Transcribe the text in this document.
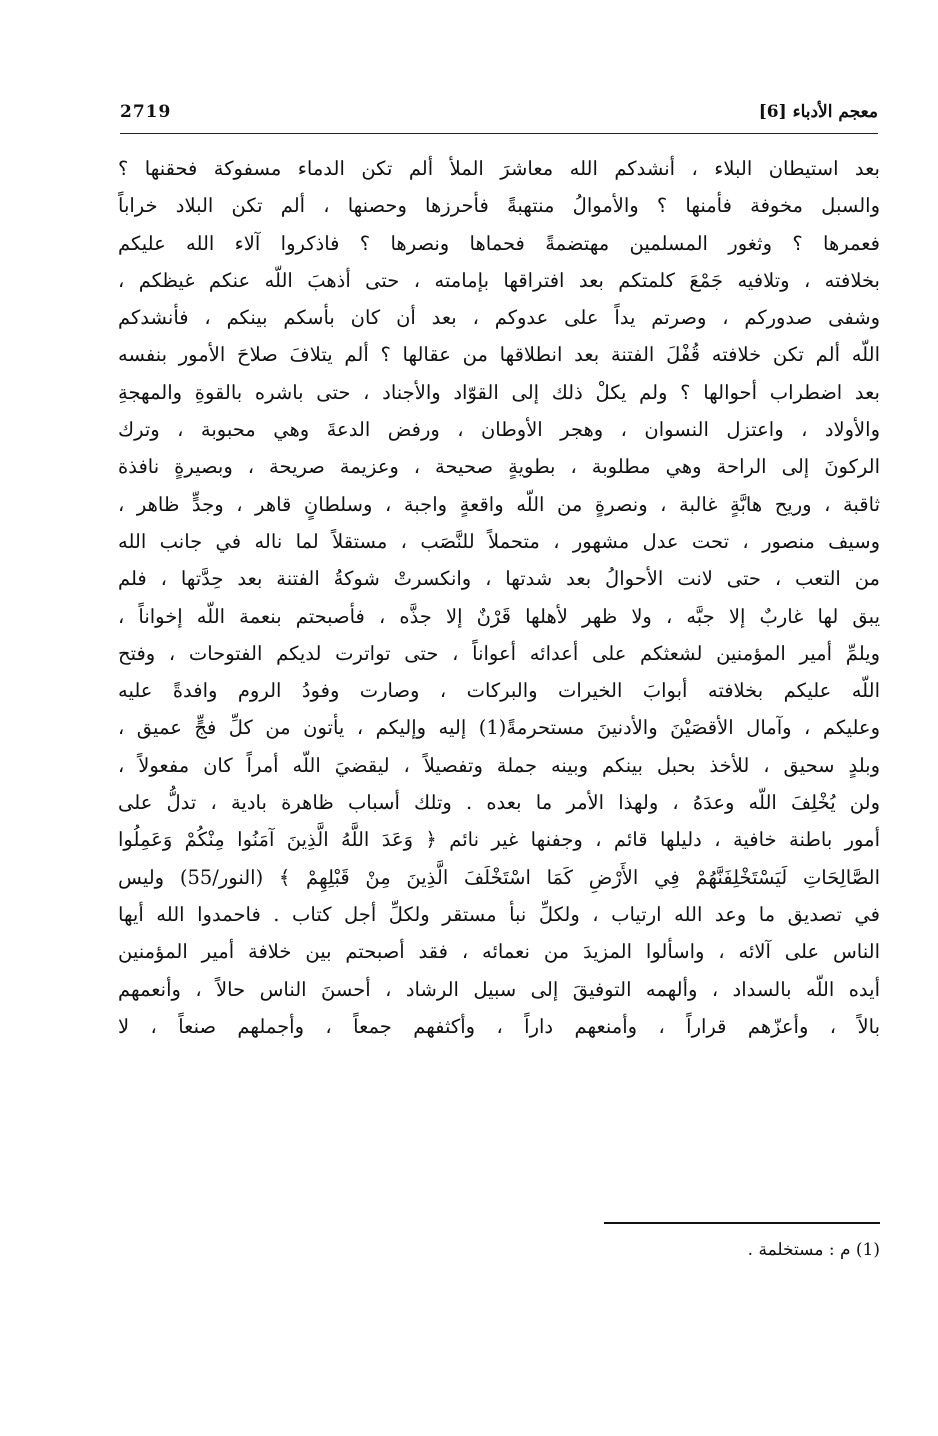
معجم الأدباء [6]
2719
بعد استيطان البلاء ، أنشدكم الله معاشرَ الملأ ألم تكن الدماء مسفوكة فحقنها ؟
والسبل مخوفة فأمنها ؟ والأموالُ منتهبةً فأحرزها وحصنها ، ألم تكن البلاد خراباً
فعمرها ؟ وثغور المسلمين مهتضمةً فحماها ونصرها ؟ فاذكروا آلاء الله عليكم
بخلافته ، وتلافيه جَمْعَ كلمتكم بعد افتراقها بإمامته ، حتى أذهبَ اللّه عنكم غيظكم ،
وشفى صدوركم ، وصرتم يداً على عدوكم ، بعد أن كان بأسكم بينكم ، فأنشدكم
اللّه ألم تكن خلافته قُفْلَ الفتنة بعد انطلاقها من عقالها ؟ ألم يتلافَ صلاحَ الأمور بنفسه
بعد اضطراب أحوالها ؟ ولم يكلْ ذلك إلى القوّاد والأجناد ، حتى باشره بالقوةِ والمهجةِ
والأولاد ، واعتزل النسوان ، وهجر الأوطان ، ورفض الدعةَ وهي محبوبة ، وترك
الركونَ إلى الراحة وهي مطلوبة ، بطويةٍ صحيحة ، وعزيمة صريحة ، وبصيرةٍ نافذة
ثاقبة ، وريح هابَّةٍ غالبة ، ونصرةٍ من اللّه واقعةٍ واجبة ، وسلطانٍ قاهر ، وجدٍّ ظاهر ،
وسيف منصور ، تحت عدل مشهور ، متحملاً للنَّصَب ، مستقلاً لما ناله في جانب الله
من التعب ، حتى لانت الأحوالُ بعد شدتها ، وانكسرتْ شوكةُ الفتنة بعد حِدَّتها ، فلم
يبق لها غاربٌ إلا جبَّه ، ولا ظهر لأهلها قَرْنٌ إلا جذَّه ، فأصبحتم بنعمة اللّه إخواناً ،
ويلمِّ أمير المؤمنين لشعثكم على أعدائه أعواناً ، حتى تواترت لديكم الفتوحات ، وفتح
اللّه عليكم بخلافته أبوابَ الخيرات والبركات ، وصارت وفودُ الروم وافدةً عليه
وعليكم ، وآمال الأقصَيْنَ والأدنينَ مستحرمةً(1) إليه وإليكم ، يأتون من كلِّ فجٍّ عميق ،
وبلدٍ سحيق ، للأخذ بحبل بينكم وبينه جملة وتفصيلاً ، ليقضيَ اللّه أمراً كان مفعولاً ،
ولن يُخْلِفَ اللّه وعدَهُ ، ولهذا الأمر ما بعده . وتلك أسباب ظاهرة بادية ، تدلُّ على
أمور باطنة خافية ، دليلها قائم ، وجفنها غير نائم ﴿ وَعَدَ اللَّهُ الَّذِينَ آمَنُوا مِنْكُمْ وَعَمِلُوا
الصَّالِحَاتِ لَيَسْتَخْلِفَنَّهُمْ فِي الأَرْضِ كَمَا اسْتَخْلَفَ الَّذِينَ مِنْ قَبْلِهِمْ ﴾ (النور/55) وليس
في تصديق ما وعد الله ارتياب ، ولكلِّ نبأ مستقر ولكلِّ أجل كتاب . فاحمدوا الله أيها
الناس على آلائه ، واسألوا المزيدَ من نعمائه ، فقد أصبحتم بين خلافة أمير المؤمنين
أيده اللّه بالسداد ، وألهمه التوفيقَ إلى سبيل الرشاد ، أحسنَ الناس حالاً ، وأنعمهم
بالاً ، وأعزّهم قراراً ، وأمنعهم داراً ، وأكثفهم جمعاً ، وأجملهم صنعاً ، لا
(1) م : مستخلمة .
